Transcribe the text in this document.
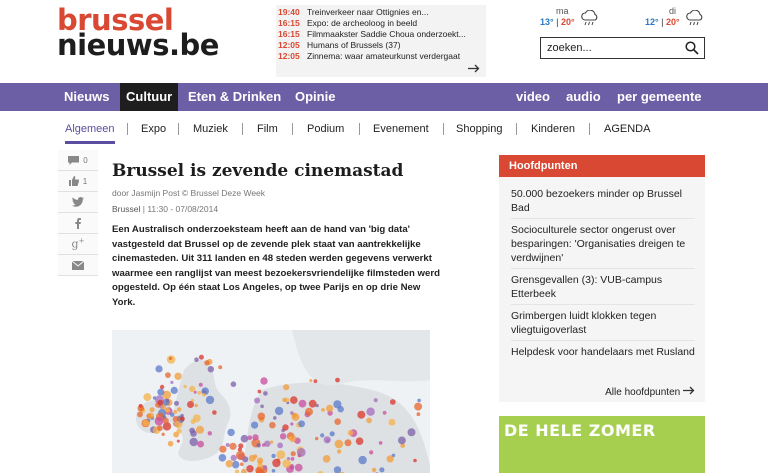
brussel
nieuws.be
19:40 Treinverkeer naar Ottignies en...
16:15 Expo: de archeoloog in beeld
16:15 Filmmaakster Saddie Choua onderzoekt...
12:05 Humans of Brussels (37)
12:05 Zinnema: waar amateurkunst verdergaat
ma
13° | 20°
di
12° | 20°
zoeken...
Nieuws	Cultuur	Eten & Drinken	Opinie	video	audio	per gemeente
Algemeen Expo Muziek	Film	Podium	Evenement Shopping	Kinderen	AGENDA
0
1
g+
Brussel is zevende cinemastad
door Jasmijn Post © Brussel Deze Week
Brussel | 11:30 - 07/08/2014

Een Australisch onderzoeksteam heeft aan de hand van 'big data' vastgesteld dat Brussel op de zevende plek staat van aantrekkelijke cinemasteden. Uit 311 landen en 48 steden werden gegevens verwerkt waarmee een ranglijst van meest bezoekersvriendelijke filmsteden werd opgesteld. Op één staat Los Angeles, op twee Parijs en op drie New York.

Hoofdpunten
50.000 bezoekers minder op Brussel Bad
Socioculturele sector ongerust over besparingen: 'Organisaties dreigen te verdwijnen'
Grensgevallen (3): VUB-campus Etterbeek
Grimbergen luidt klokken tegen vliegtuigoverlast
Helpdesk voor handelaars met Rusland
Alle hoofdpunten
DE HELE ZOMER
